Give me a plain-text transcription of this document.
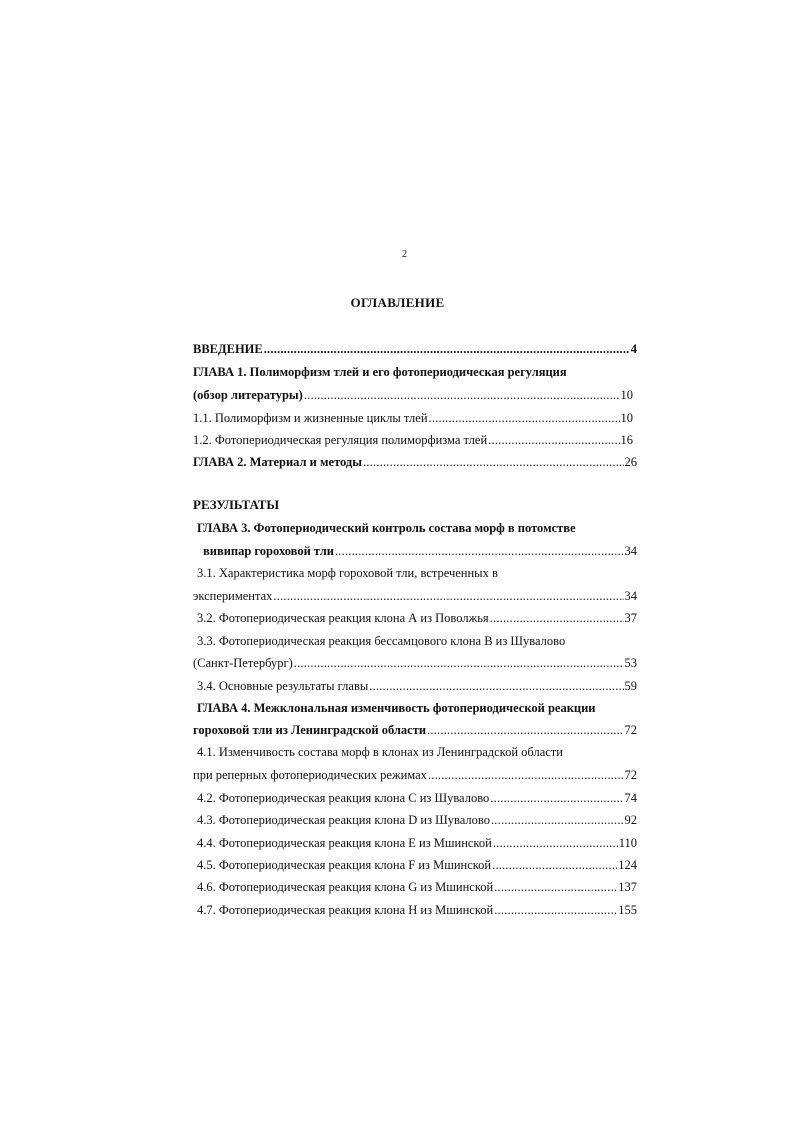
2
ОГЛАВЛЕНИЕ
ВВЕДЕНИЕ .....	4
ГЛАВА 1. Полиморфизм тлей и его фотопериодическая регуляция
(обзор литературы) .....	10
1.1. Полиморфизм и жизненные циклы тлей .....	10
1.2. Фотопериодическая регуляция полиморфизма тлей .....	16
ГЛАВА 2. Материал и методы .....	26
РЕЗУЛЬТАТЫ
ГЛАВА 3. Фотопериодический контроль состава морф в потомстве
вивипар гороховой тли .....	34
3.1. Характеристика морф гороховой тли, встреченных в
экспериментах .....	34
3.2. Фотопериодическая реакция клона А из Поволжья .....	37
3.3. Фотопериодическая реакция бессамцового клона В из Шувалово
(Санкт-Петербург) .....	53
3.4. Основные результаты главы .....	59
ГЛАВА 4. Межклональная изменчивость фотопериодической реакции
гороховой тли из Ленинградской области .....	72
4.1. Изменчивость состава морф в клонах из Ленинградской области
при реперных фотопериодических режимах .....	72
4.2. Фотопериодическая реакция клона С из Шувалово .....	74
4.3. Фотопериодическая реакция клона D из Шувалово .....	92
4.4. Фотопериодическая реакция клона Е из Мшинской .....	110
4.5. Фотопериодическая реакция клона F из Мшинской .....	124
4.6. Фотопериодическая реакция клона G из Мшинской .....	137
4.7. Фотопериодическая реакция клона Н из Мшинской .....	155
